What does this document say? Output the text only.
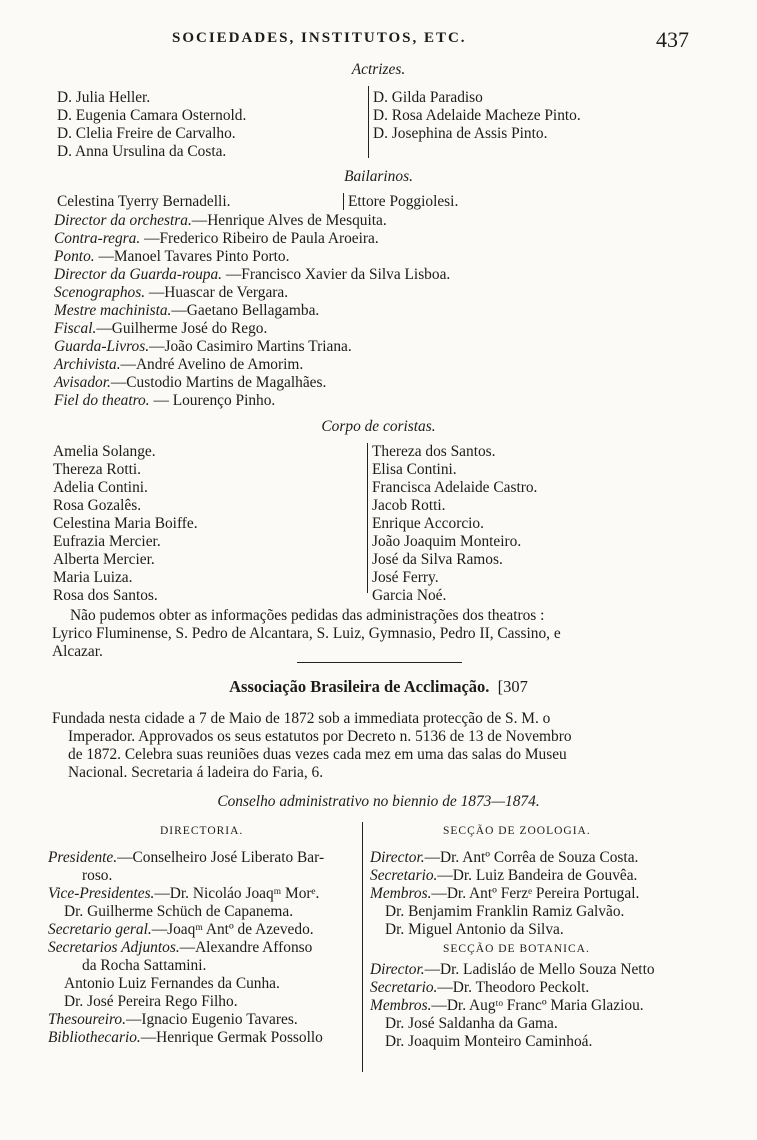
SOCIEDADES, INSTITUTOS, ETC.	437
Actrizes.
D. Julia Heller.
D. Eugenia Camara Osternold.
D. Clelia Freire de Carvalho.
D. Anna Ursulina da Costa.
D. Gilda Paradiso
D. Rosa Adelaide Macheze Pinto.
D. Josephina de Assis Pinto.
Bailarinos.
Celestina Tyerry Bernadelli.	Ettore Poggiolesi.
Director da orchestra.—Henrique Alves de Mesquita.
Contra-regra. —Frederico Ribeiro de Paula Aroeira.
Ponto. —Manoel Tavares Pinto Porto.
Director da Guarda-roupa. —Francisco Xavier da Silva Lisboa.
Scenographos. —Huascar de Vergara.
Mestre machinista.—Gaetano Bellagamba.
Fiscal.—Guilherme José do Rego.
Guarda-Livros.—João Casimiro Martins Triana.
Archivista.—André Avelino de Amorim.
Avisador.—Custodio Martins de Magalhães.
Fiel do theatro. — Lourenço Pinho.
Corpo de coristas.
Amelia Solange.
Thereza Rotti.
Adelia Contini.
Rosa Gozalês.
Celestina Maria Boiffe.
Eufrazia Mercier.
Alberta Mercier.
Maria Luiza.
Rosa dos Santos.
Thereza dos Santos.
Elisa Contini.
Francisca Adelaide Castro.
Jacob Rotti.
Enrique Accorcio.
João Joaquim Monteiro.
José da Silva Ramos.
José Ferry.
Garcia Noé.
Não pudemos obter as informações pedidas das administrações dos theatros :
Lyrico Fluminense, S. Pedro de Alcantara, S. Luiz, Gymnasio, Pedro II, Cassino, e
Alcazar.
Associação Brasileira de Acclimação. [307
Fundada nesta cidade a 7 de Maio de 1872 sob a immediata protecção de S. M. o
Imperador. Approvados os seus estatutos por Decreto n. 5136 de 13 de Novembro
de 1872. Celebra suas reuniões duas vezes cada mez em uma das salas do Museu
Nacional. Secretaria á ladeira do Faria, 6.
Conselho administrativo no biennio de 1873—1874.
DIRECTORIA.
Presidente.—Conselheiro José Liberato Bar-
roso.
Vice-Presidentes.—Dr. Nicoláo Joaqᵐ Morᵉ.
Dr. Guilherme Schüch de Capanema.
Secretario geral.—Joaqᵐ Antº de Azevedo.
Secretarios Adjuntos.—Alexandre Affonso
da Rocha Sattamini.
Antonio Luiz Fernandes da Cunha.
Dr. José Pereira Rego Filho.
Thesoureiro.—Ignacio Eugenio Tavares.
Bibliothecario.—Henrique Germak Possollo
SECÇÃO DE ZOOLOGIA.
Director.—Dr. Antº Corrêa de Souza Costa.
Secretario.—Dr. Luiz Bandeira de Gouvêa.
Membros.—Dr. Antº Ferzᵉ Pereira Portugal.
Dr. Benjamim Franklin Ramiz Galvão.
Dr. Miguel Antonio da Silva.
SECÇÃO DE BOTANICA.
Director.—Dr. Ladisláo de Mello Souza Netto
Secretario.—Dr. Theodoro Peckolt.
Membros.—Dr. Augᵗᵒ Francº Maria Glaziou.
Dr. José Saldanha da Gama.
Dr. Joaquim Monteiro Caminhoá.
